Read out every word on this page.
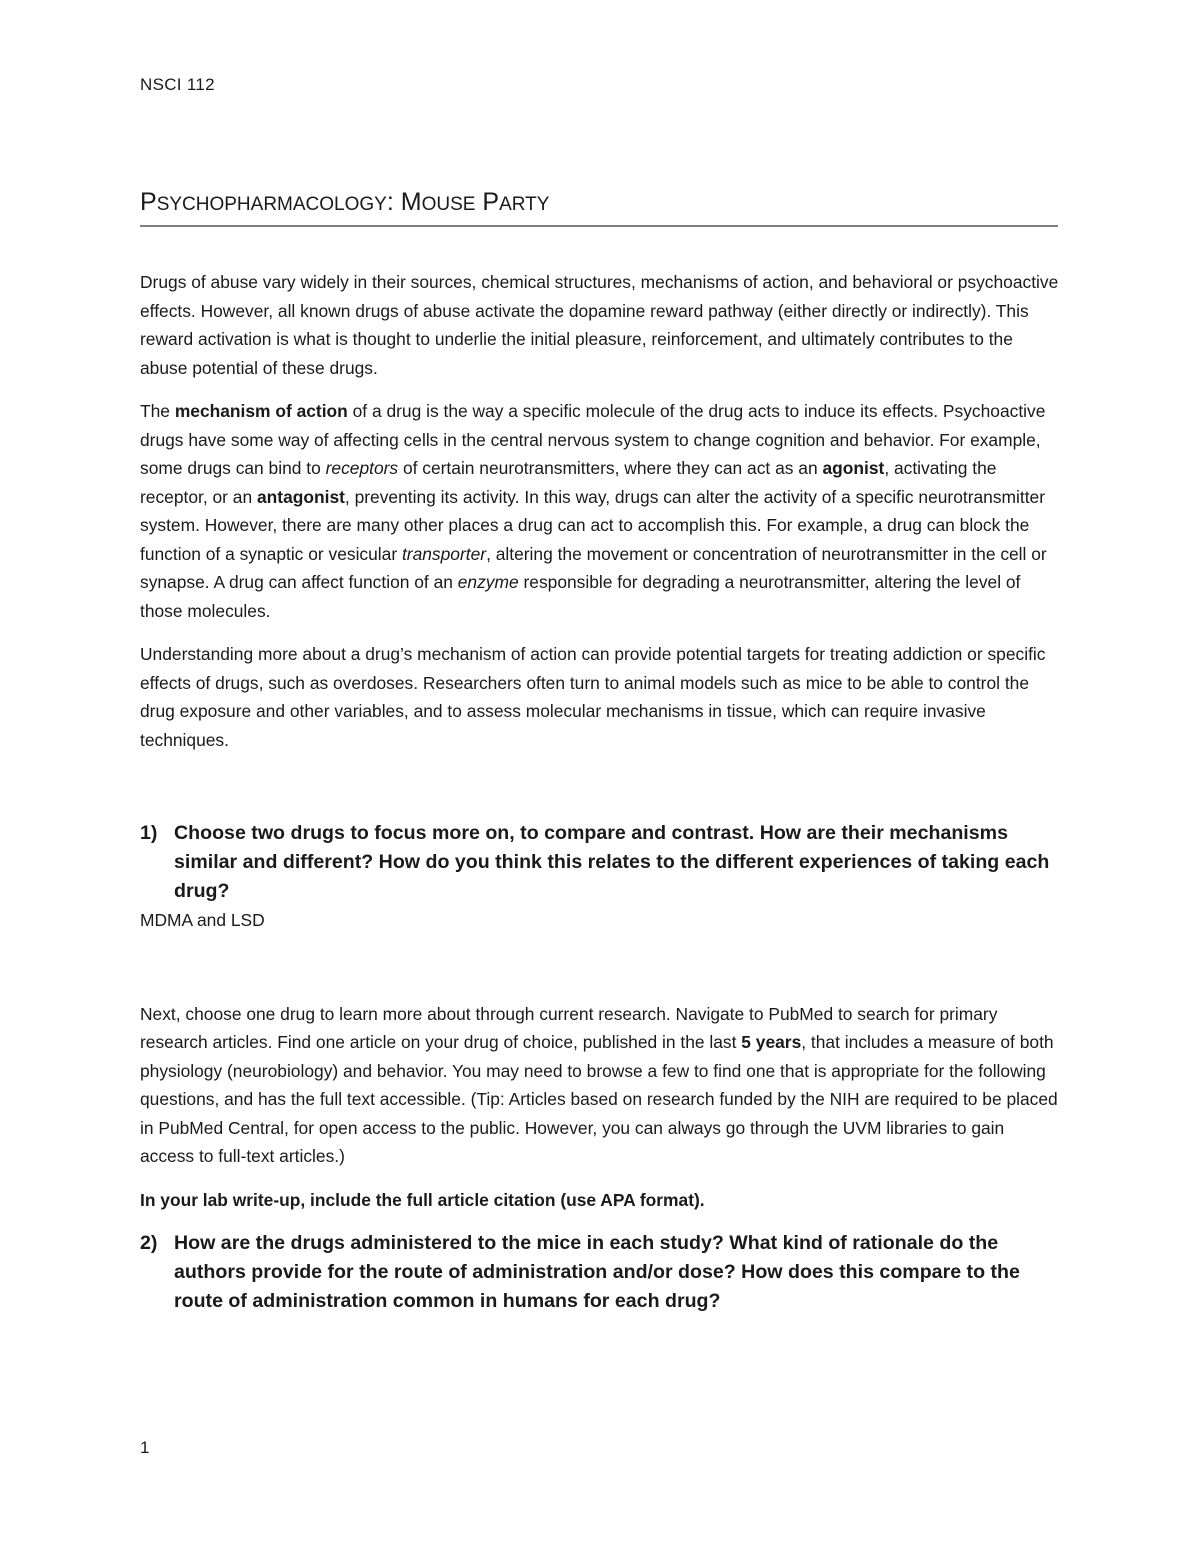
NSCI 112
PSYCHOPHARMACOLOGY: MOUSE PARTY

Drugs of abuse vary widely in their sources, chemical structures, mechanisms of action, and behavioral or psychoactive effects. However, all known drugs of abuse activate the dopamine reward pathway (either directly or indirectly). This reward activation is what is thought to underlie the initial pleasure, reinforcement, and ultimately contributes to the abuse potential of these drugs.

The mechanism of action of a drug is the way a specific molecule of the drug acts to induce its effects. Psychoactive drugs have some way of affecting cells in the central nervous system to change cognition and behavior. For example, some drugs can bind to receptors of certain neurotransmitters, where they can act as an agonist, activating the receptor, or an antagonist, preventing its activity. In this way, drugs can alter the activity of a specific neurotransmitter system. However, there are many other places a drug can act to accomplish this. For example, a drug can block the function of a synaptic or vesicular transporter, altering the movement or concentration of neurotransmitter in the cell or synapse. A drug can affect function of an enzyme responsible for degrading a neurotransmitter, altering the level of those molecules.

Understanding more about a drug’s mechanism of action can provide potential targets for treating addiction or specific effects of drugs, such as overdoses. Researchers often turn to animal models such as mice to be able to control the drug exposure and other variables, and to assess molecular mechanisms in tissue, which can require invasive techniques.

1) Choose two drugs to focus more on, to compare and contrast. How are their mechanisms similar and different? How do you think this relates to the different experiences of taking each drug?

MDMA and LSD

Next, choose one drug to learn more about through current research. Navigate to PubMed to search for primary research articles. Find one article on your drug of choice, published in the last 5 years, that includes a measure of both physiology (neurobiology) and behavior. You may need to browse a few to find one that is appropriate for the following questions, and has the full text accessible. (Tip: Articles based on research funded by the NIH are required to be placed in PubMed Central, for open access to the public. However, you can always go through the UVM libraries to gain access to full-text articles.)

In your lab write-up, include the full article citation (use APA format).

2) How are the drugs administered to the mice in each study? What kind of rationale do the authors provide for the route of administration and/or dose? How does this compare to the route of administration common in humans for each drug?
1
